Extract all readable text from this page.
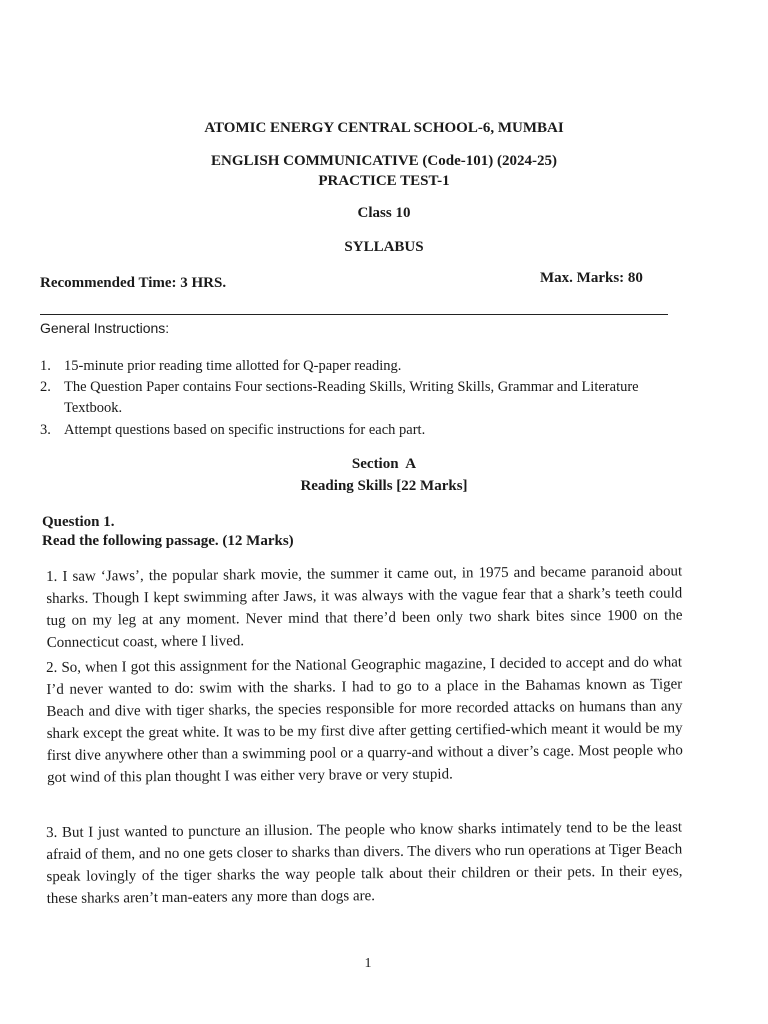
ATOMIC ENERGY CENTRAL SCHOOL-6, MUMBAI
ENGLISH COMMUNICATIVE (Code-101) (2024-25)
PRACTICE TEST-1
Class 10
SYLLABUS
Recommended Time: 3 HRS.	Max. Marks: 80
General Instructions:
1. 15-minute prior reading time allotted for Q-paper reading.
2. The Question Paper contains Four sections-Reading Skills, Writing Skills, Grammar and Literature Textbook.
3. Attempt questions based on specific instructions for each part.
Section  A
Reading Skills [22 Marks]
Question 1.
Read the following passage. (12 Marks)
1. I saw ‘Jaws’, the popular shark movie, the summer it came out, in 1975 and became paranoid about sharks. Though I kept swimming after Jaws, it was always with the vague fear that a shark’s teeth could tug on my leg at any moment. Never mind that there’d been only two shark bites since 1900 on the Connecticut coast, where I lived.
2. So, when I got this assignment for the National Geographic magazine, I decided to accept and do what I’d never wanted to do: swim with the sharks. I had to go to a place in the Bahamas known as Tiger Beach and dive with tiger sharks, the species responsible for more recorded attacks on humans than any shark except the great white. It was to be my first dive after getting certified-which meant it would be my first dive anywhere other than a swimming pool or a quarry-and without a diver’s cage. Most people who got wind of this plan thought I was either very brave or very stupid.
3. But I just wanted to puncture an illusion. The people who know sharks intimately tend to be the least afraid of them, and no one gets closer to sharks than divers. The divers who run operations at Tiger Beach speak lovingly of the tiger sharks the way people talk about their children or their pets. In their eyes, these sharks aren’t man-eaters any more than dogs are.
1
